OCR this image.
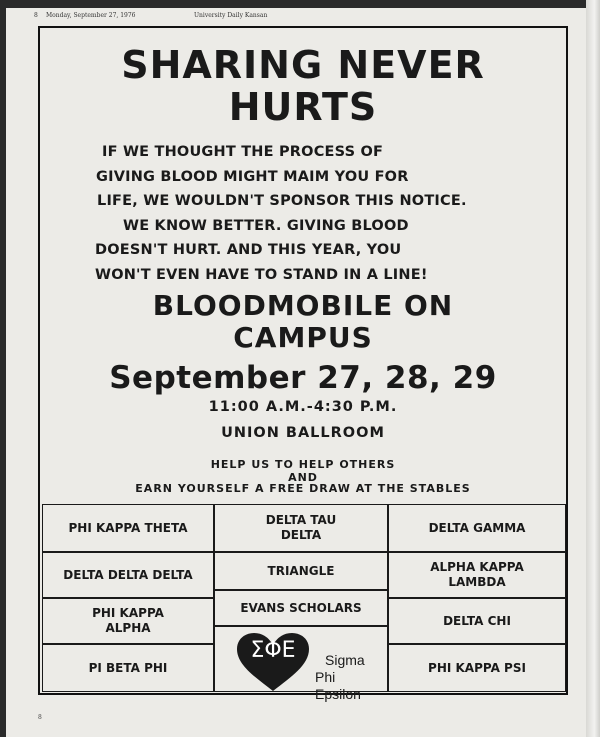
8 Monday, September 27, 1976	University Daily Kansan
SHARING NEVER
HURTS
IF WE THOUGHT THE PROCESS OF
GIVING BLOOD MIGHT MAIM YOU FOR
LIFE, WE WOULDN'T SPONSOR THIS NOTICE.
WE KNOW BETTER. GIVING BLOOD
DOESN'T HURT. AND THIS YEAR, YOU
WON'T EVEN HAVE TO STAND IN A LINE!
BLOODMOBILE ON
CAMPUS
September 27, 28, 29
11:00 A.M.-4:30 P.M.
UNION BALLROOM
HELP US TO HELP OTHERS
AND
EARN YOURSELF A FREE DRAW AT THE STABLES
PHI KAPPA THETA
DELTA DELTA DELTA
PHI KAPPA ALPHA
PI BETA PHI
DELTA TAU DELTA
TRIANGLE
EVANS SCHOLARS
ΣΦΕ	Sigma
Phi Epsilon
DELTA GAMMA
ALPHA KAPPA LAMBDA
DELTA CHI
PHI KAPPA PSI
8
